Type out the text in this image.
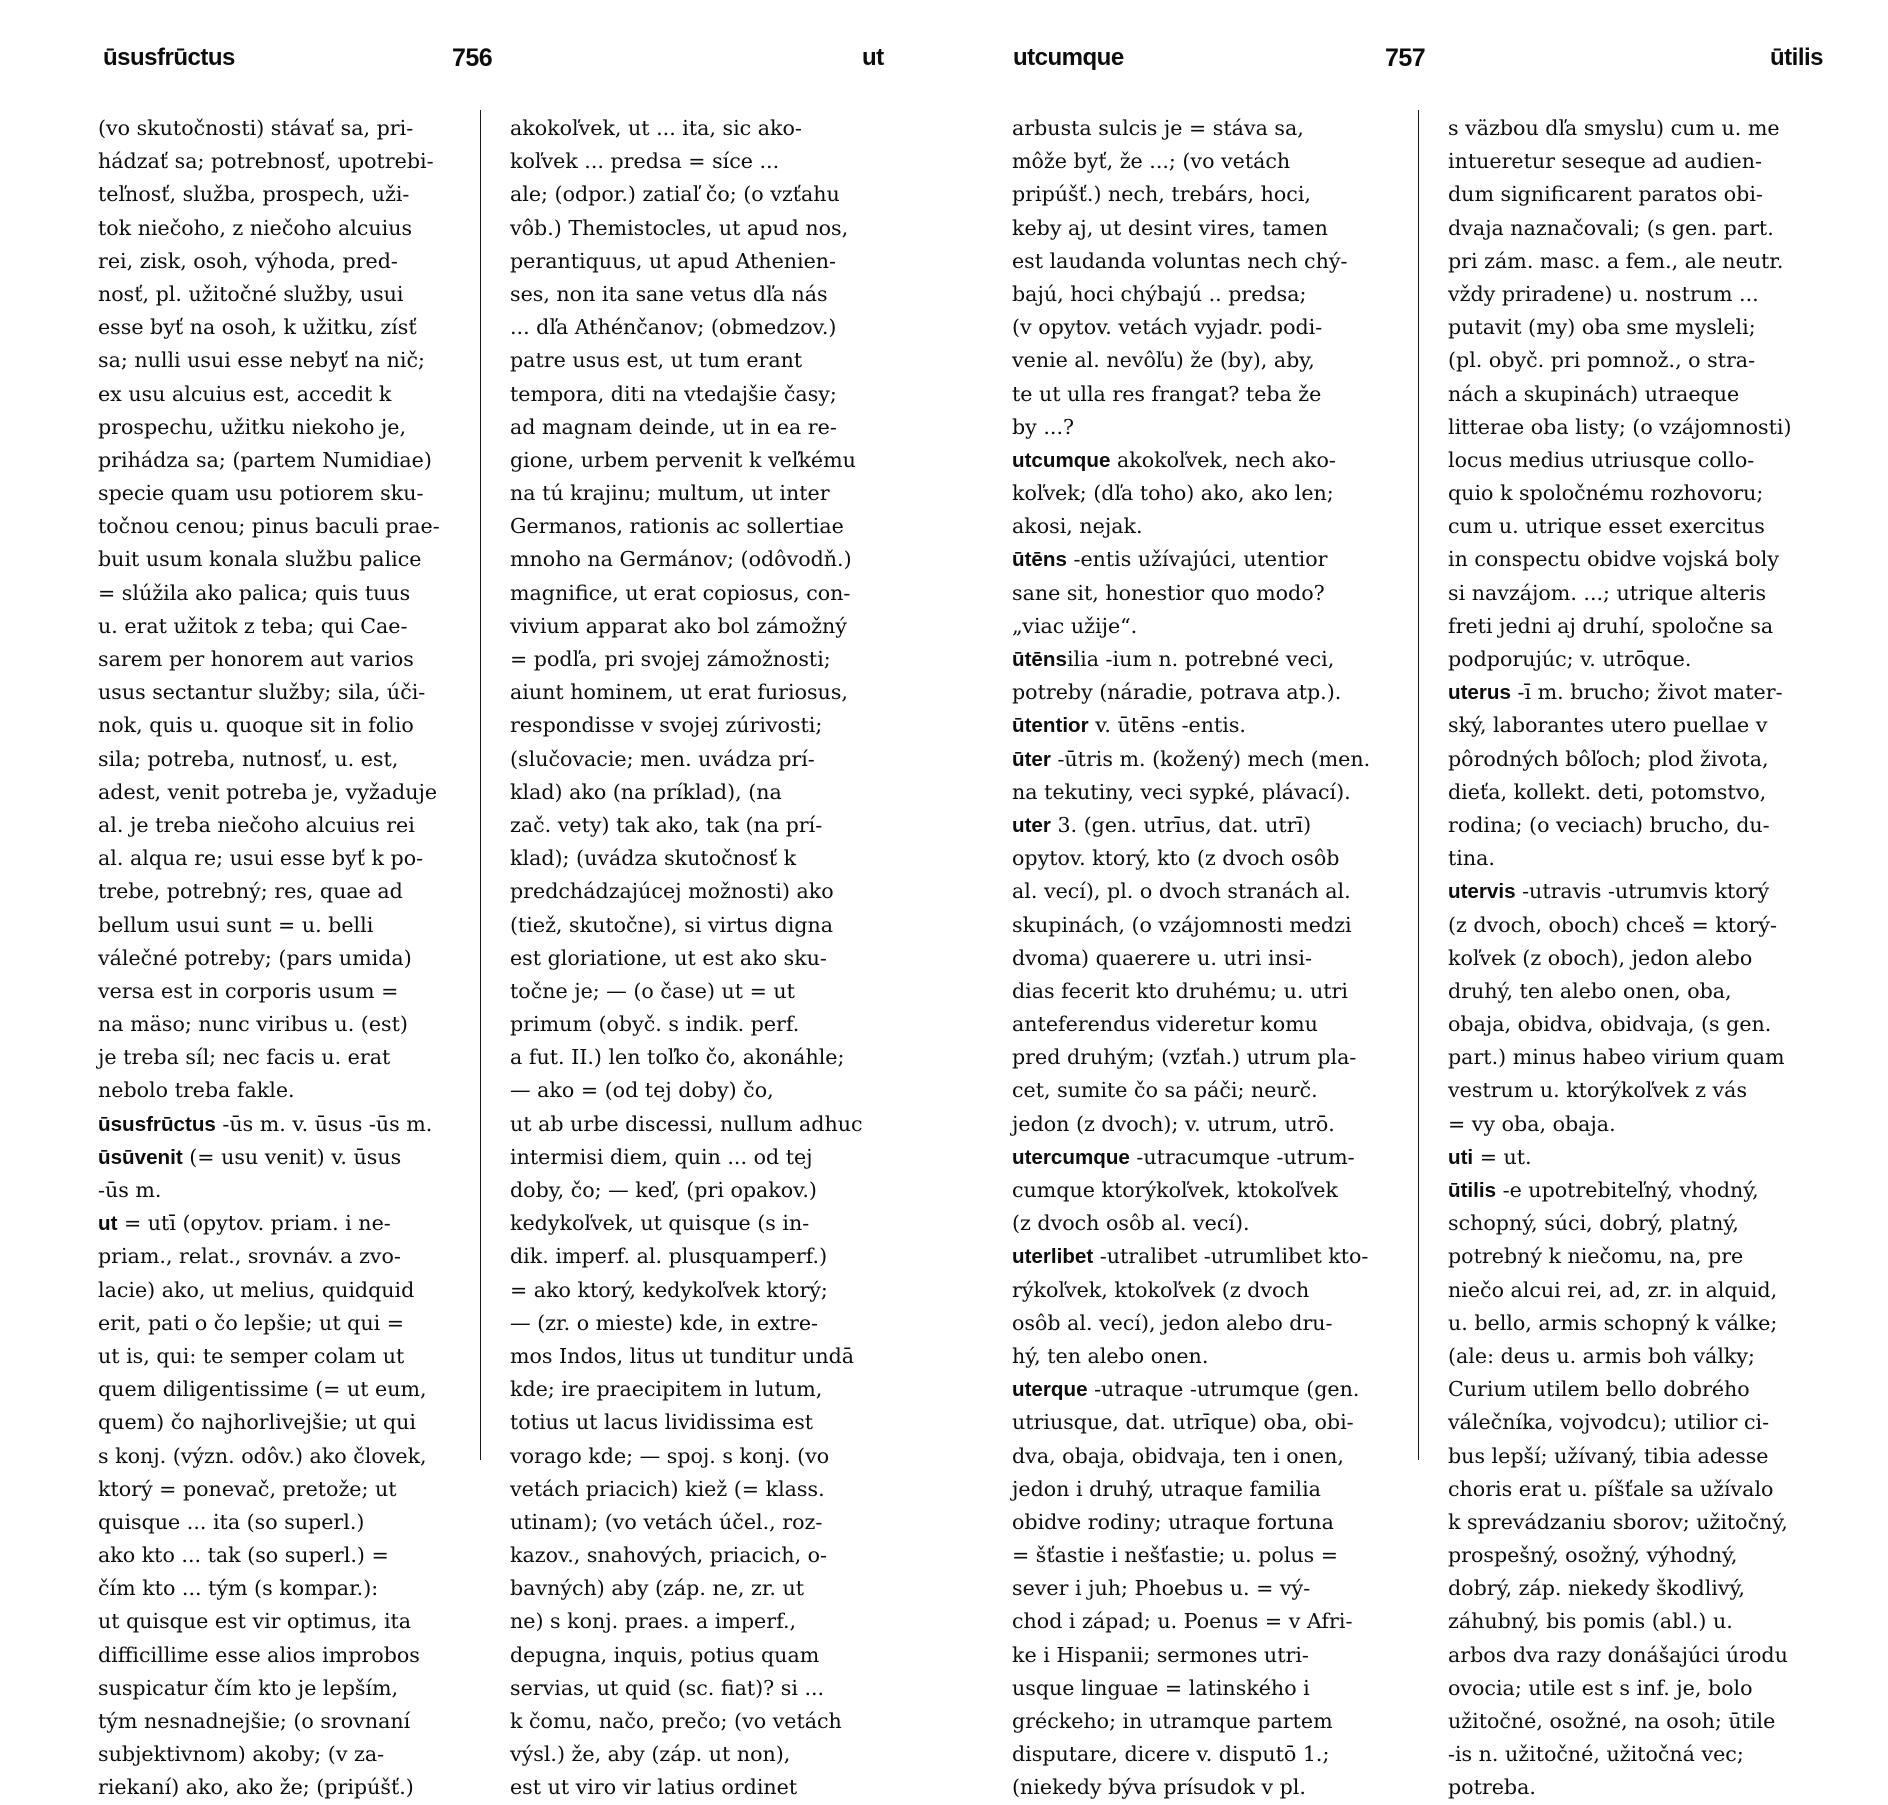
ūsusfrūctus	756	ut	utcumque	757	ūtilis
(vo skutočnosti) stávať sa, pri-
hádzať sa; potrebnosť, upotrebi-
teľnosť, služba, prospech, uži-
tok niečoho, z niečoho alcuius
rei, zisk, osoh, výhoda, pred-
nosť, pl. užitočné služby, usui
esse byť na osoh, k užitku, zísť
sa; nulli usui esse nebyť na nič;
ex usu alcuius est, accedit k
prospechu, užitku niekoho je,
prihádza sa; (partem Numidiae)
specie quam usu potiorem sku-
točnou cenou; pinus baculi prae-
buit usum konala službu palice
= slúžila ako palica; quis tuus
u. erat užitok z teba; qui Cae-
sarem per honorem aut varios
usus sectantur služby; sila, úči-
nok, quis u. quoque sit in folio
sila; potreba, nutnosť, u. est,
adest, venit potreba je, vyžaduje
al. je treba niečoho alcuius rei
al. alqua re; usui esse byť k po-
trebe, potrebný; res, quae ad
bellum usui sunt = u. belli
válečné potreby; (pars umida)
versa est in corporis usum =
na mäso; nunc viribus u. (est)
je treba síl; nec facis u. erat
nebolo treba fakle.
ūsusfrūctus -ūs m. v. ūsus -ūs m.
ūsūvenit (= usu venit) v. ūsus
-ūs m.
ut = utī (opytov. priam. i ne-
priam., relat., srovnáv. a zvo-
lacie) ako, ut melius, quidquid
erit, pati o čo lepšie; ut qui =
ut is, qui: te semper colam ut
quem diligentissime (= ut eum,
quem) čo najhorlivejšie; ut qui
s konj. (význ. odôv.) ako človek,
ktorý = ponevač, pretože; ut
quisque ... ita (so superl.)
ako kto ... tak (so superl.) =
čím kto ... tým (s kompar.):
ut quisque est vir optimus, ita
difficillime esse alios improbos
suspicatur čím kto je lepším,
tým nesnadnejšie; (o srovnaní
subjektivnom) akoby; (v za-
riekaní) ako, ako že; (pripúšť.)
akokoľvek, ut ... ita, sic ako-
koľvek ... predsa = síce ...
ale; (odpor.) zatiaľ čo; (o vzťahu
vôb.) Themistocles, ut apud nos,
perantiquus, ut apud Athenien-
ses, non ita sane vetus dľa nás
... dľa Athénčanov; (obmedzov.)
patre usus est, ut tum erant
tempora, diti na vtedajšie časy;
ad magnam deinde, ut in ea re-
gione, urbem pervenit k veľkému
na tú krajinu; multum, ut inter
Germanos, rationis ac sollertiae
mnoho na Germánov; (odôvodň.)
magnifice, ut erat copiosus, con-
vivium apparat ako bol zámožný
= podľa, pri svojej zámožnosti;
aiunt hominem, ut erat furiosus,
respondisse v svojej zúrivosti;
(slučovacie; men. uvádza prí-
klad) ako (na príklad), (na
zač. vety) tak ako, tak (na prí-
klad); (uvádza skutočnosť k
predchádzajúcej možnosti) ako
(tiež, skutočne), si virtus digna
est gloriatione, ut est ako sku-
točne je; — (o čase) ut = ut
primum (obyč. s indik. perf.
a fut. II.) len toľko čo, akonáhle;
— ako = (od tej doby) čo,
ut ab urbe discessi, nullum adhuc
intermisi diem, quin ... od tej
doby, čo; — keď, (pri opakov.)
kedykoľvek, ut quisque (s in-
dik. imperf. al. plusquamperf.)
= ako ktorý, kedykoľvek ktorý;
— (zr. o mieste) kde, in extre-
mos Indos, litus ut tunditur undā
kde; ire praecipitem in lutum,
totius ut lacus lividissima est
vorago kde; — spoj. s konj. (vo
vetách priacich) kiež (= klass.
utinam); (vo vetách účel., roz-
kazov., snahových, priacich, o-
bavných) aby (záp. ne, zr. ut
ne) s konj. praes. a imperf.,
depugna, inquis, potius quam
servias, ut quid (sc. fiat)? si ...
k čomu, načo, prečo; (vo vetách
výsl.) že, aby (záp. ut non),
est ut viro vir latius ordinet
arbusta sulcis je = stáva sa,
môže byť, že ...; (vo vetách
pripúšť.) nech, trebárs, hoci,
keby aj, ut desint vires, tamen
est laudanda voluntas nech chý-
bajú, hoci chýbajú .. predsa;
(v opytov. vetách vyjadr. podi-
venie al. nevôľu) že (by), aby,
te ut ulla res frangat? teba že
by ...?
utcumque akokoľvek, nech ako-
koľvek; (dľa toho) ako, ako len;
akosi, nejak.
ūtēns -entis užívajúci, utentior
sane sit, honestior quo modo?
„viac užije“.
ūtēnsilia -ium n. potrebné veci,
potreby (náradie, potrava atp.).
ūtentior v. ūtēns -entis.
ūter -ūtris m. (kožený) mech (men.
na tekutiny, veci sypké, plávací).
uter 3. (gen. utrīus, dat. utrī)
opytov. ktorý, kto (z dvoch osôb
al. vecí), pl. o dvoch stranách al.
skupinách, (o vzájomnosti medzi
dvoma) quaerere u. utri insi-
dias fecerit kto druhému; u. utri
anteferendus videretur komu
pred druhým; (vzťah.) utrum pla-
cet, sumite čo sa páči; neurč.
jedon (z dvoch); v. utrum, utrō.
utercumque -utracumque -utrum-
cumque ktorýkoľvek, ktokoľvek
(z dvoch osôb al. vecí).
uterlibet -utralibet -utrumlibet kto-
rýkoľvek, ktokoľvek (z dvoch
osôb al. vecí), jedon alebo dru-
hý, ten alebo onen.
uterque -utraque -utrumque (gen.
utriusque, dat. utrīque) oba, obi-
dva, obaja, obidvaja, ten i onen,
jedon i druhý, utraque familia
obidve rodiny; utraque fortuna
= šťastie i nešťastie; u. polus =
sever i juh; Phoebus u. = vý-
chod i západ; u. Poenus = v Afri-
ke i Hispanii; sermones utri-
usque linguae = latinského i
gréckeho; in utramque partem
disputare, dicere v. disputō 1.;
(niekedy býva prísudok v pl.
s väzbou dľa smyslu) cum u. me
intueretur seseque ad audien-
dum significarent paratos obi-
dvaja naznačovali; (s gen. part.
pri zám. masc. a fem., ale neutr.
vždy priradene) u. nostrum ...
putavit (my) oba sme mysleli;
(pl. obyč. pri pomnož., o stra-
nách a skupinách) utraeque
litterae oba listy; (o vzájomnosti)
locus medius utriusque collo-
quio k spoločnému rozhovoru;
cum u. utrique esset exercitus
in conspectu obidve vojská boly
si navzájom. ...; utrique alteris
freti jedni aj druhí, spoločne sa
podporujúc; v. utrōque.
uterus -ī m. brucho; život mater-
ský, laborantes utero puellae v
pôrodných bôľoch; plod života,
dieťa, kollekt. deti, potomstvo,
rodina; (o veciach) brucho, du-
tina.
utervis -utravis -utrumvis ktorý
(z dvoch, oboch) chceš = ktorý-
koľvek (z oboch), jedon alebo
druhý, ten alebo onen, oba,
obaja, obidva, obidvaja, (s gen.
part.) minus habeo virium quam
vestrum u. ktorýkoľvek z vás
= vy oba, obaja.
uti = ut.
ūtilis -e upotrebiteľný, vhodný,
schopný, súci, dobrý, platný,
potrebný k niečomu, na, pre
niečo alcui rei, ad, zr. in alquid,
u. bello, armis schopný k válke;
(ale: deus u. armis boh války;
Curium utilem bello dobrého
válečníka, vojvodcu); utilior ci-
bus lepší; užívaný, tibia adesse
choris erat u. píšťale sa užívalo
k sprevádzaniu sborov; užitočný,
prospešný, osožný, výhodný,
dobrý, záp. niekedy škodlivý,
záhubný, bis pomis (abl.) u.
arbos dva razy donášajúci úrodu
ovocia; utile est s inf. je, bolo
užitočné, osožné, na osoh; ūtile
-is n. užitočné, užitočná vec;
potreba.
